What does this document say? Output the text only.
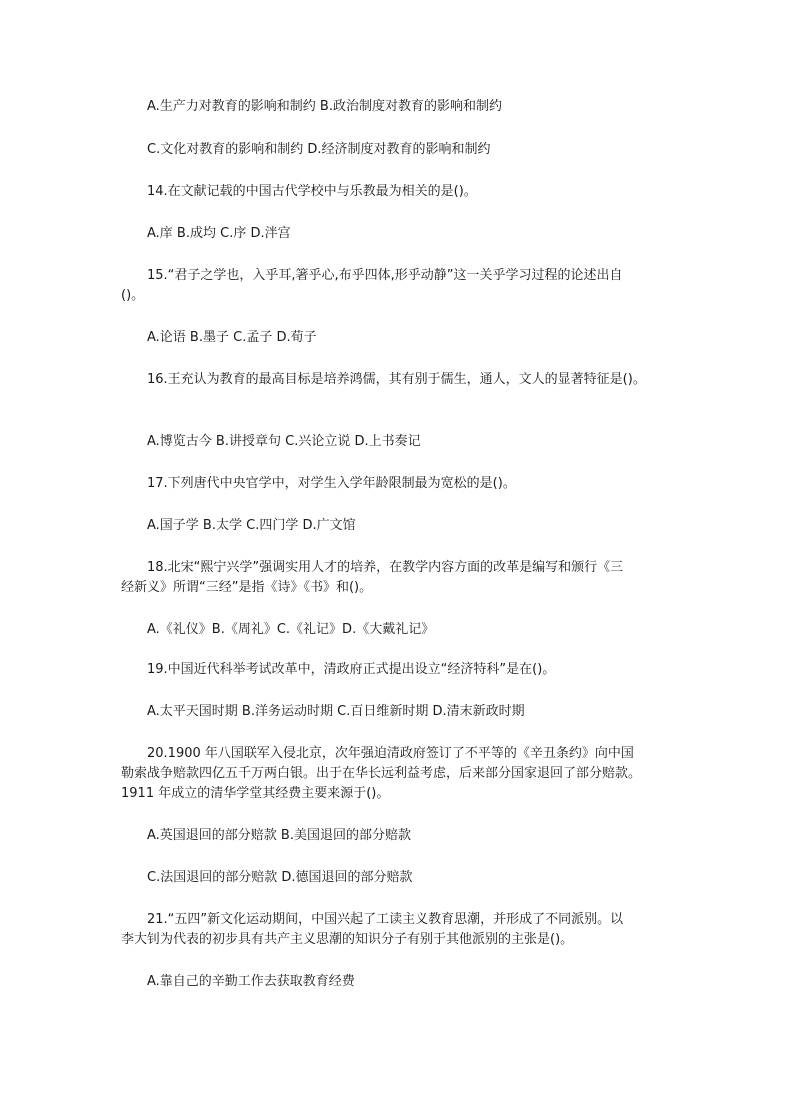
A.生产力对教育的影响和制约 B.政治制度对教育的影响和制约

C.文化对教育的影响和制约 D.经济制度对教育的影响和制约

14.在文献记载的中国古代学校中与乐教最为相关的是()。

A.庠 B.成均 C.序 D.泮宫

15.“君子之学也，入乎耳,箸乎心,布乎四体,形乎动静”这一关乎学习过程的论述出自

()。

A.论语 B.墨子 C.孟子 D.荀子

16.王充认为教育的最高目标是培养鸿儒，其有别于儒生，通人，文人的显著特征是()。

A.博览古今 B.讲授章句 C.兴论立说 D.上书奏记

17.下列唐代中央官学中，对学生入学年龄限制最为宽松的是()。

A.国子学 B.太学 C.四门学 D.广文馆

18.北宋“熙宁兴学”强调实用人才的培养，在教学内容方面的改革是编写和颁行《三

经新义》所谓“三经”是指《诗》《书》和()。

A.《礼仪》B.《周礼》C.《礼记》D.《大戴礼记》

19.中国近代科举考试改革中，清政府正式提出设立“经济特科”是在()。

A.太平天国时期 B.洋务运动时期 C.百日维新时期 D.清末新政时期

20.1900 年八国联军入侵北京，次年强迫清政府签订了不平等的《辛丑条约》向中国

勒索战争赔款四亿五千万两白银。出于在华长远利益考虑，后来部分国家退回了部分赔款。

1911 年成立的清华学堂其经费主要来源于()。

A.英国退回的部分赔款 B.美国退回的部分赔款

C.法国退回的部分赔款 D.德国退回的部分赔款

21.“五四”新文化运动期间，中国兴起了工读主义教育思潮，并形成了不同派别。以

李大钊为代表的初步具有共产主义思潮的知识分子有别于其他派别的主张是()。

A.靠自己的辛勤工作去获取教育经费
